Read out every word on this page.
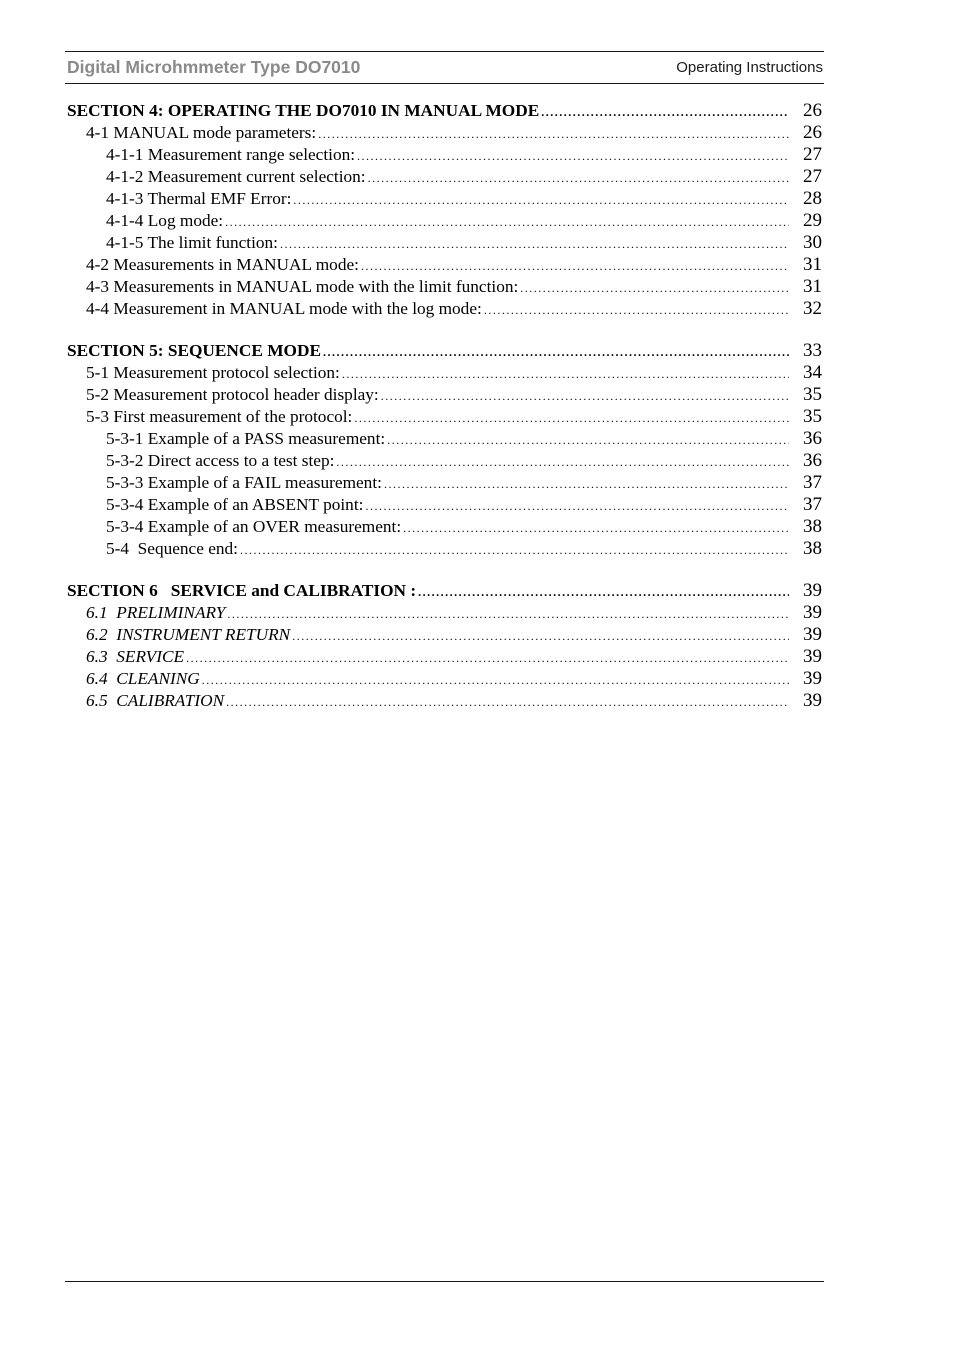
Digital Microhmmeter Type DO7010	Operating Instructions
SECTION 4: OPERATING THE DO7010 IN MANUAL MODE .....	26
4-1 MANUAL mode parameters: .....	26
4-1-1 Measurement range selection: .....	27
4-1-2 Measurement current selection: .....	27
4-1-3 Thermal EMF Error: .....	28
4-1-4 Log mode: .....	29
4-1-5 The limit function: .....	30
4-2 Measurements in MANUAL mode: .....	31
4-3 Measurements in MANUAL mode with the limit function: .....	31
4-4 Measurement in MANUAL mode with the log mode: .....	32
SECTION 5: SEQUENCE MODE .....	33
5-1 Measurement protocol selection: .....	34
5-2 Measurement protocol header display: .....	35
5-3 First measurement of the protocol: .....	35
5-3-1 Example of a PASS measurement: .....	36
5-3-2 Direct access to a test step: .....	36
5-3-3 Example of a FAIL measurement: .....	37
5-3-4 Example of an ABSENT point: .....	37
5-3-4 Example of an OVER measurement: .....	38
5-4  Sequence end: .....	38
SECTION 6   SERVICE and CALIBRATION : .....	39
6.1  PRELIMINARY .....	39
6.2  INSTRUMENT RETURN .....	39
6.3  SERVICE .....	39
6.4  CLEANING .....	39
6.5  CALIBRATION .....	39
